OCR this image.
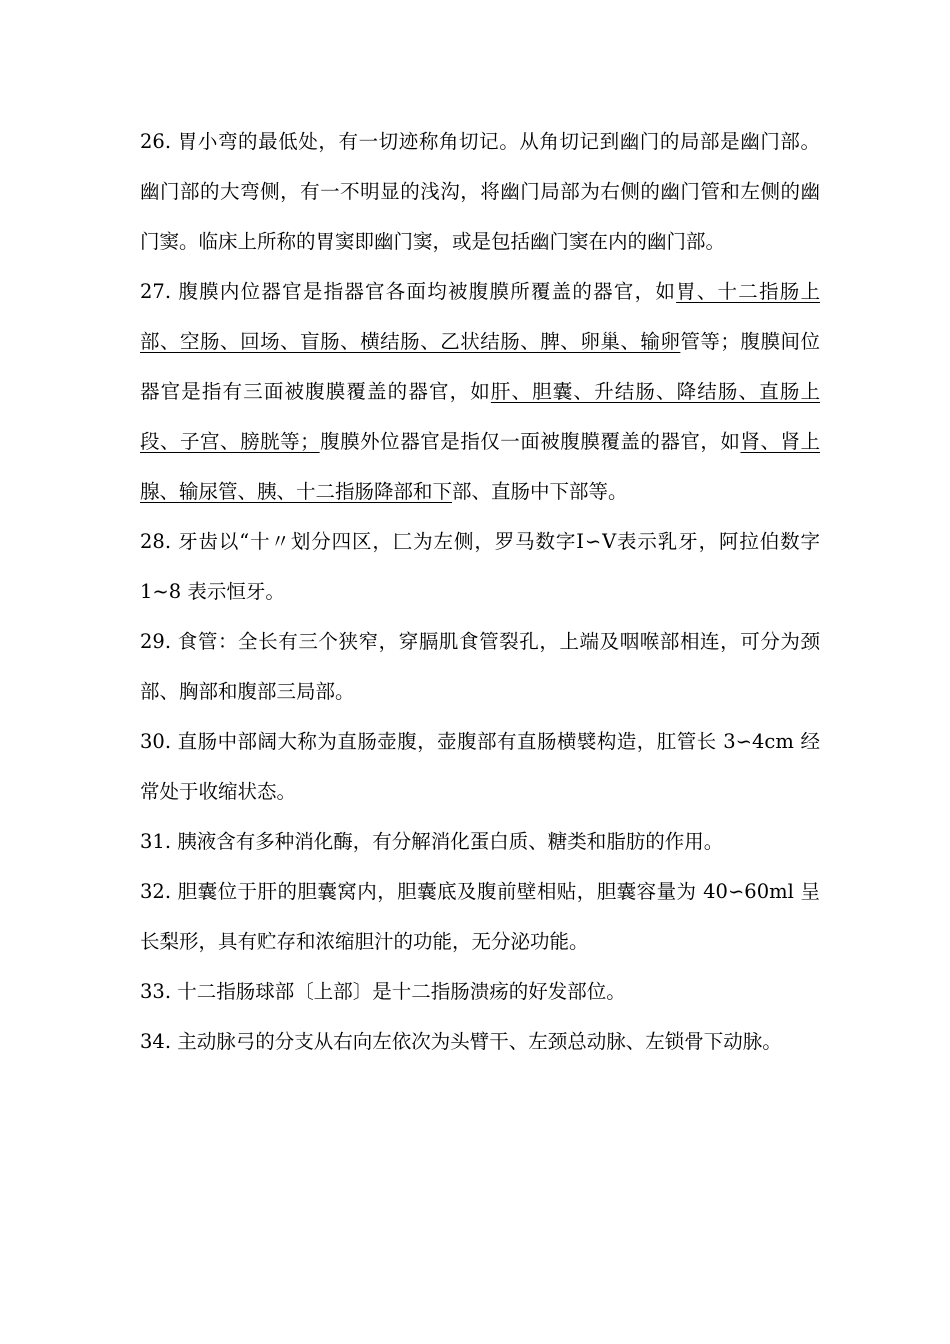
26. 胃小弯的最低处，有一切迹称角切记。从角切记到幽门的局部是幽门部。幽门部的大弯侧，有一不明显的浅沟，将幽门局部为右侧的幽门管和左侧的幽门窦。临床上所称的胃窦即幽门窦，或是包括幽门窦在内的幽门部。

27. 腹膜内位器官是指器官各面均被腹膜所覆盖的器官，如胃、十二指肠上部、空肠、回场、盲肠、横结肠、乙状结肠、脾、卵巢、输卵管等；腹膜间位器官是指有三面被腹膜覆盖的器官，如肝、胆囊、升结肠、降结肠、直肠上段、子宫、膀胱等；腹膜外位器官是指仅一面被腹膜覆盖的器官，如肾、肾上腺、输尿管、胰、十二指肠降部和下部、直肠中下部等。

28. 牙齿以“十〃划分四区，匚为左侧，罗马数字Ⅰ∽Ⅴ表示乳牙，阿拉伯数字 1~8 表示恒牙。

29. 食管：全长有三个狭窄，穿膈肌食管裂孔，上端及咽喉部相连，可分为颈部、胸部和腹部三局部。

30. 直肠中部阔大称为直肠壶腹，壶腹部有直肠横襞构造，肛管长 3∽4cm 经常处于收缩状态。

31. 胰液含有多种消化酶，有分解消化蛋白质、糖类和脂肪的作用。

32. 胆囊位于肝的胆囊窝内，胆囊底及腹前壁相贴，胆囊容量为 40∽60ml 呈长梨形，具有贮存和浓缩胆汁的功能，无分泌功能。

33. 十二指肠球部〔上部〕是十二指肠溃疡的好发部位。

34. 主动脉弓的分支从右向左依次为头臂干、左颈总动脉、左锁骨下动脉。
